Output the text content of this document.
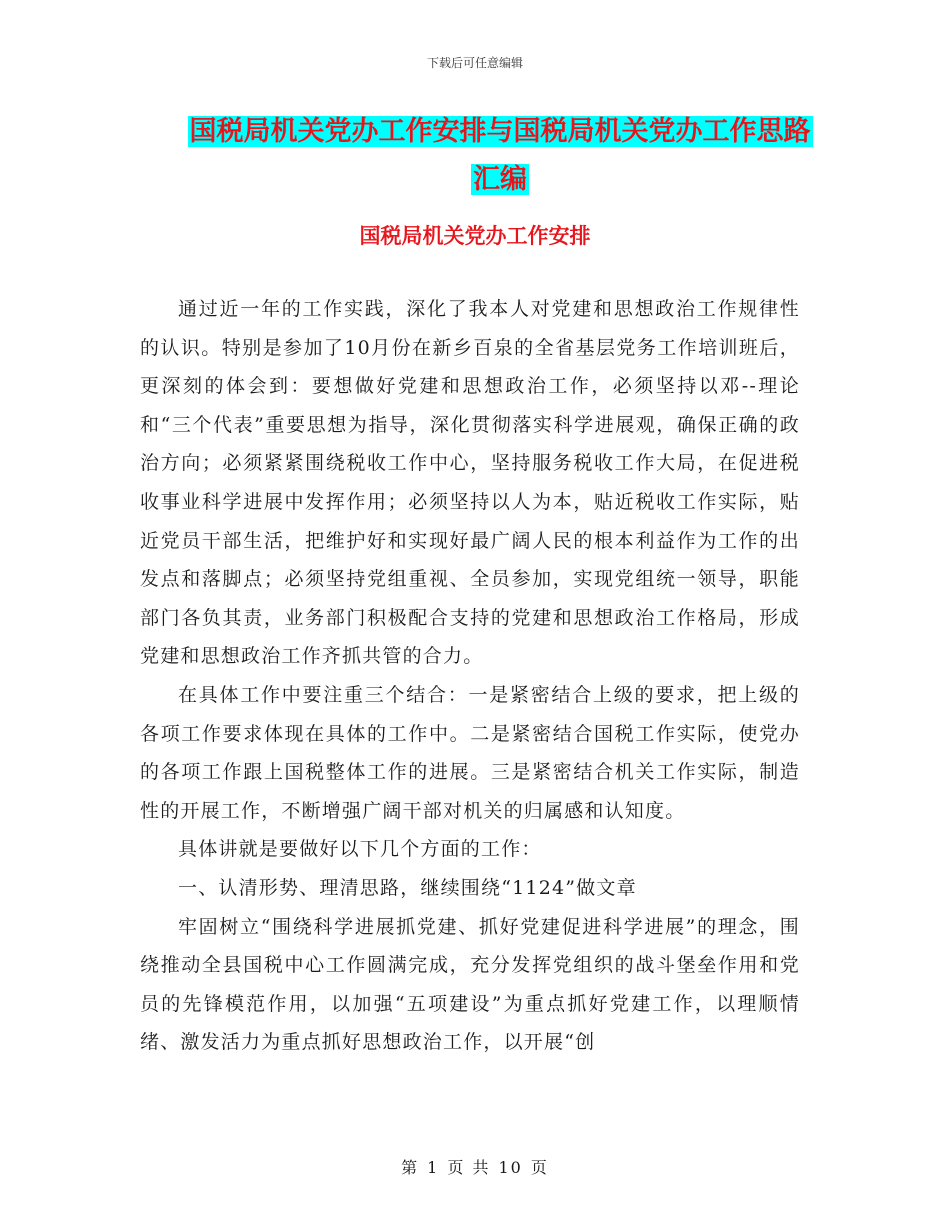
下载后可任意编辑
国税局机关党办工作安排与国税局机关党办工作思路
汇编
国税局机关党办工作安排

通过近一年的工作实践，深化了我本人对党建和思想政治工作规律性的认识。特别是参加了10月份在新乡百泉的全省基层党务工作培训班后，更深刻的体会到：要想做好党建和思想政治工作，必须坚持以邓--理论和“三个代表”重要思想为指导，深化贯彻落实科学进展观，确保正确的政治方向；必须紧紧围绕税收工作中心，坚持服务税收工作大局，在促进税收事业科学进展中发挥作用；必须坚持以人为本，贴近税收工作实际，贴近党员干部生活，把维护好和实现好最广阔人民的根本利益作为工作的出发点和落脚点；必须坚持党组重视、全员参加，实现党组统一领导，职能部门各负其责，业务部门积极配合支持的党建和思想政治工作格局，形成党建和思想政治工作齐抓共管的合力。

在具体工作中要注重三个结合：一是紧密结合上级的要求，把上级的各项工作要求体现在具体的工作中。二是紧密结合国税工作实际，使党办的各项工作跟上国税整体工作的进展。三是紧密结合机关工作实际，制造性的开展工作，不断增强广阔干部对机关的归属感和认知度。

具体讲就是要做好以下几个方面的工作：

一、认清形势、理清思路，继续围绕“1124”做文章

牢固树立“围绕科学进展抓党建、抓好党建促进科学进展”的理念，围绕推动全县国税中心工作圆满完成，充分发挥党组织的战斗堡垒作用和党员的先锋模范作用，以加强“五项建设”为重点抓好党建工作，以理顺情绪、激发活力为重点抓好思想政治工作，以开展“创

第 1 页 共 10 页
